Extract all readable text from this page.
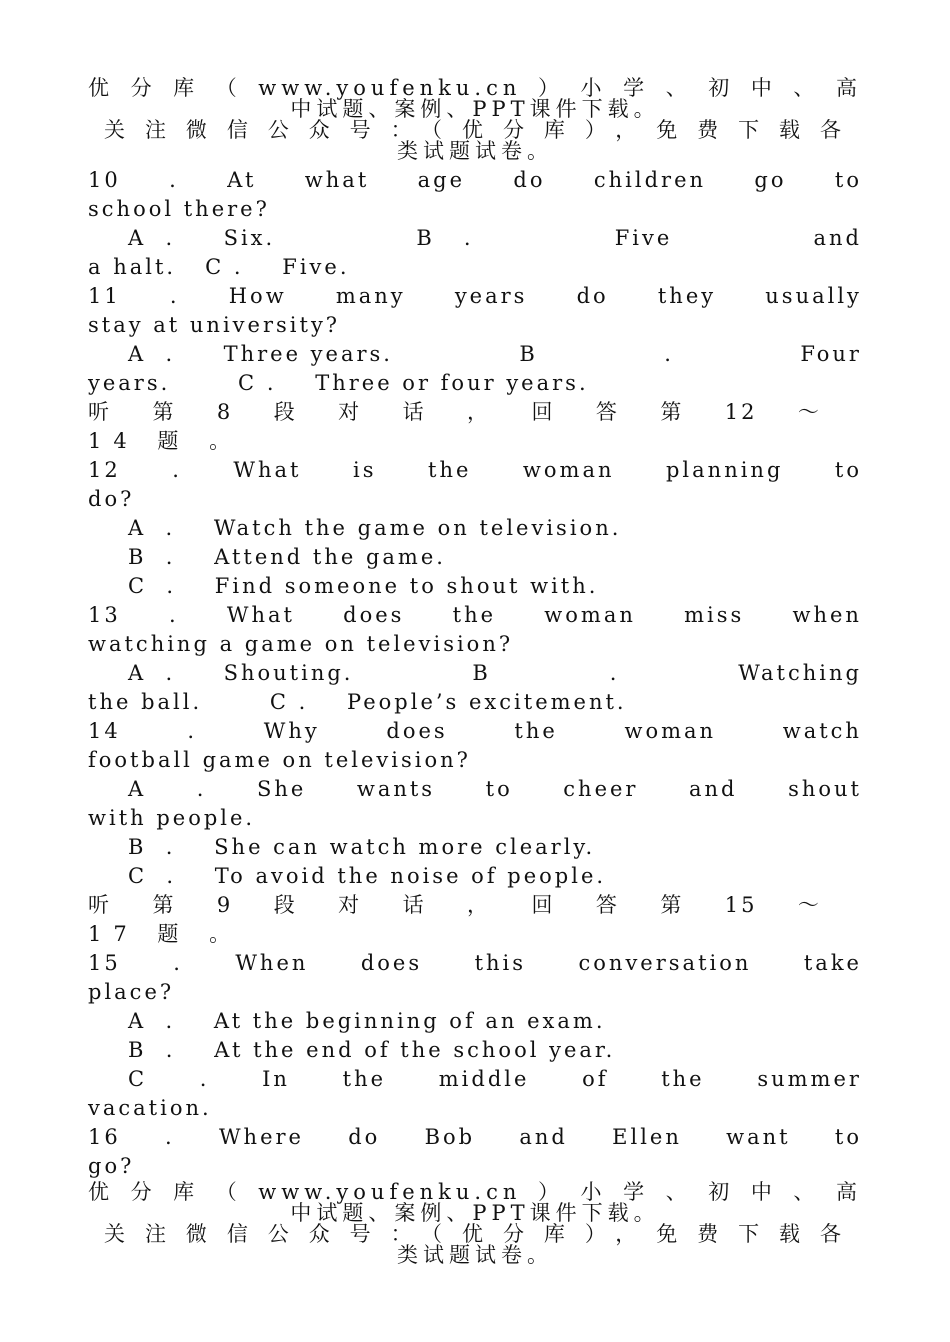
优分库（www.youfenku.cn）小学、初中、高
中试题、案例、PPT课件下载。
关注微信公众号：（优分库），免费下载各
类试题试卷。
10 . At what age do children go to
school there?
A  .     Six.	B   .	Five	and
a halt. C . Five.
11 . How many years do they usually
stay at university?
A  .     Three years.	B	.	Four
years.	C . Three or four years.
听 第 8 段 对 话 ， 回 答 第 12 ～
14 题 。
12 . What is the woman planning to
do?
A  .    Watch the game on television.
B  .    Attend the game.
C  .    Find someone to shout with.
13 . What does the woman miss when
watching a game on television?
A  .     Shouting.	B	.	Watching
the ball.	C . People’s excitement.
14	.	Why	does	the	woman	watch
football game on television?
A . She wants to cheer and shout
with people.
B  .    She can watch more clearly.
C  .    To avoid the noise of people.
听 第 9 段 对 话 ， 回 答 第 15 ～
17 题 。
15 . When does this conversation take
place?
A  .    At the beginning of an exam.
B  .    At the end of the school year.
C	.	In	the	middle	of	the	summer
vacation.
16 . Where do Bob and Ellen want to
go?
优分库（www.youfenku.cn）小学、初中、高
中试题、案例、PPT课件下载。
关注微信公众号：（优分库），免费下载各
类试题试卷。
